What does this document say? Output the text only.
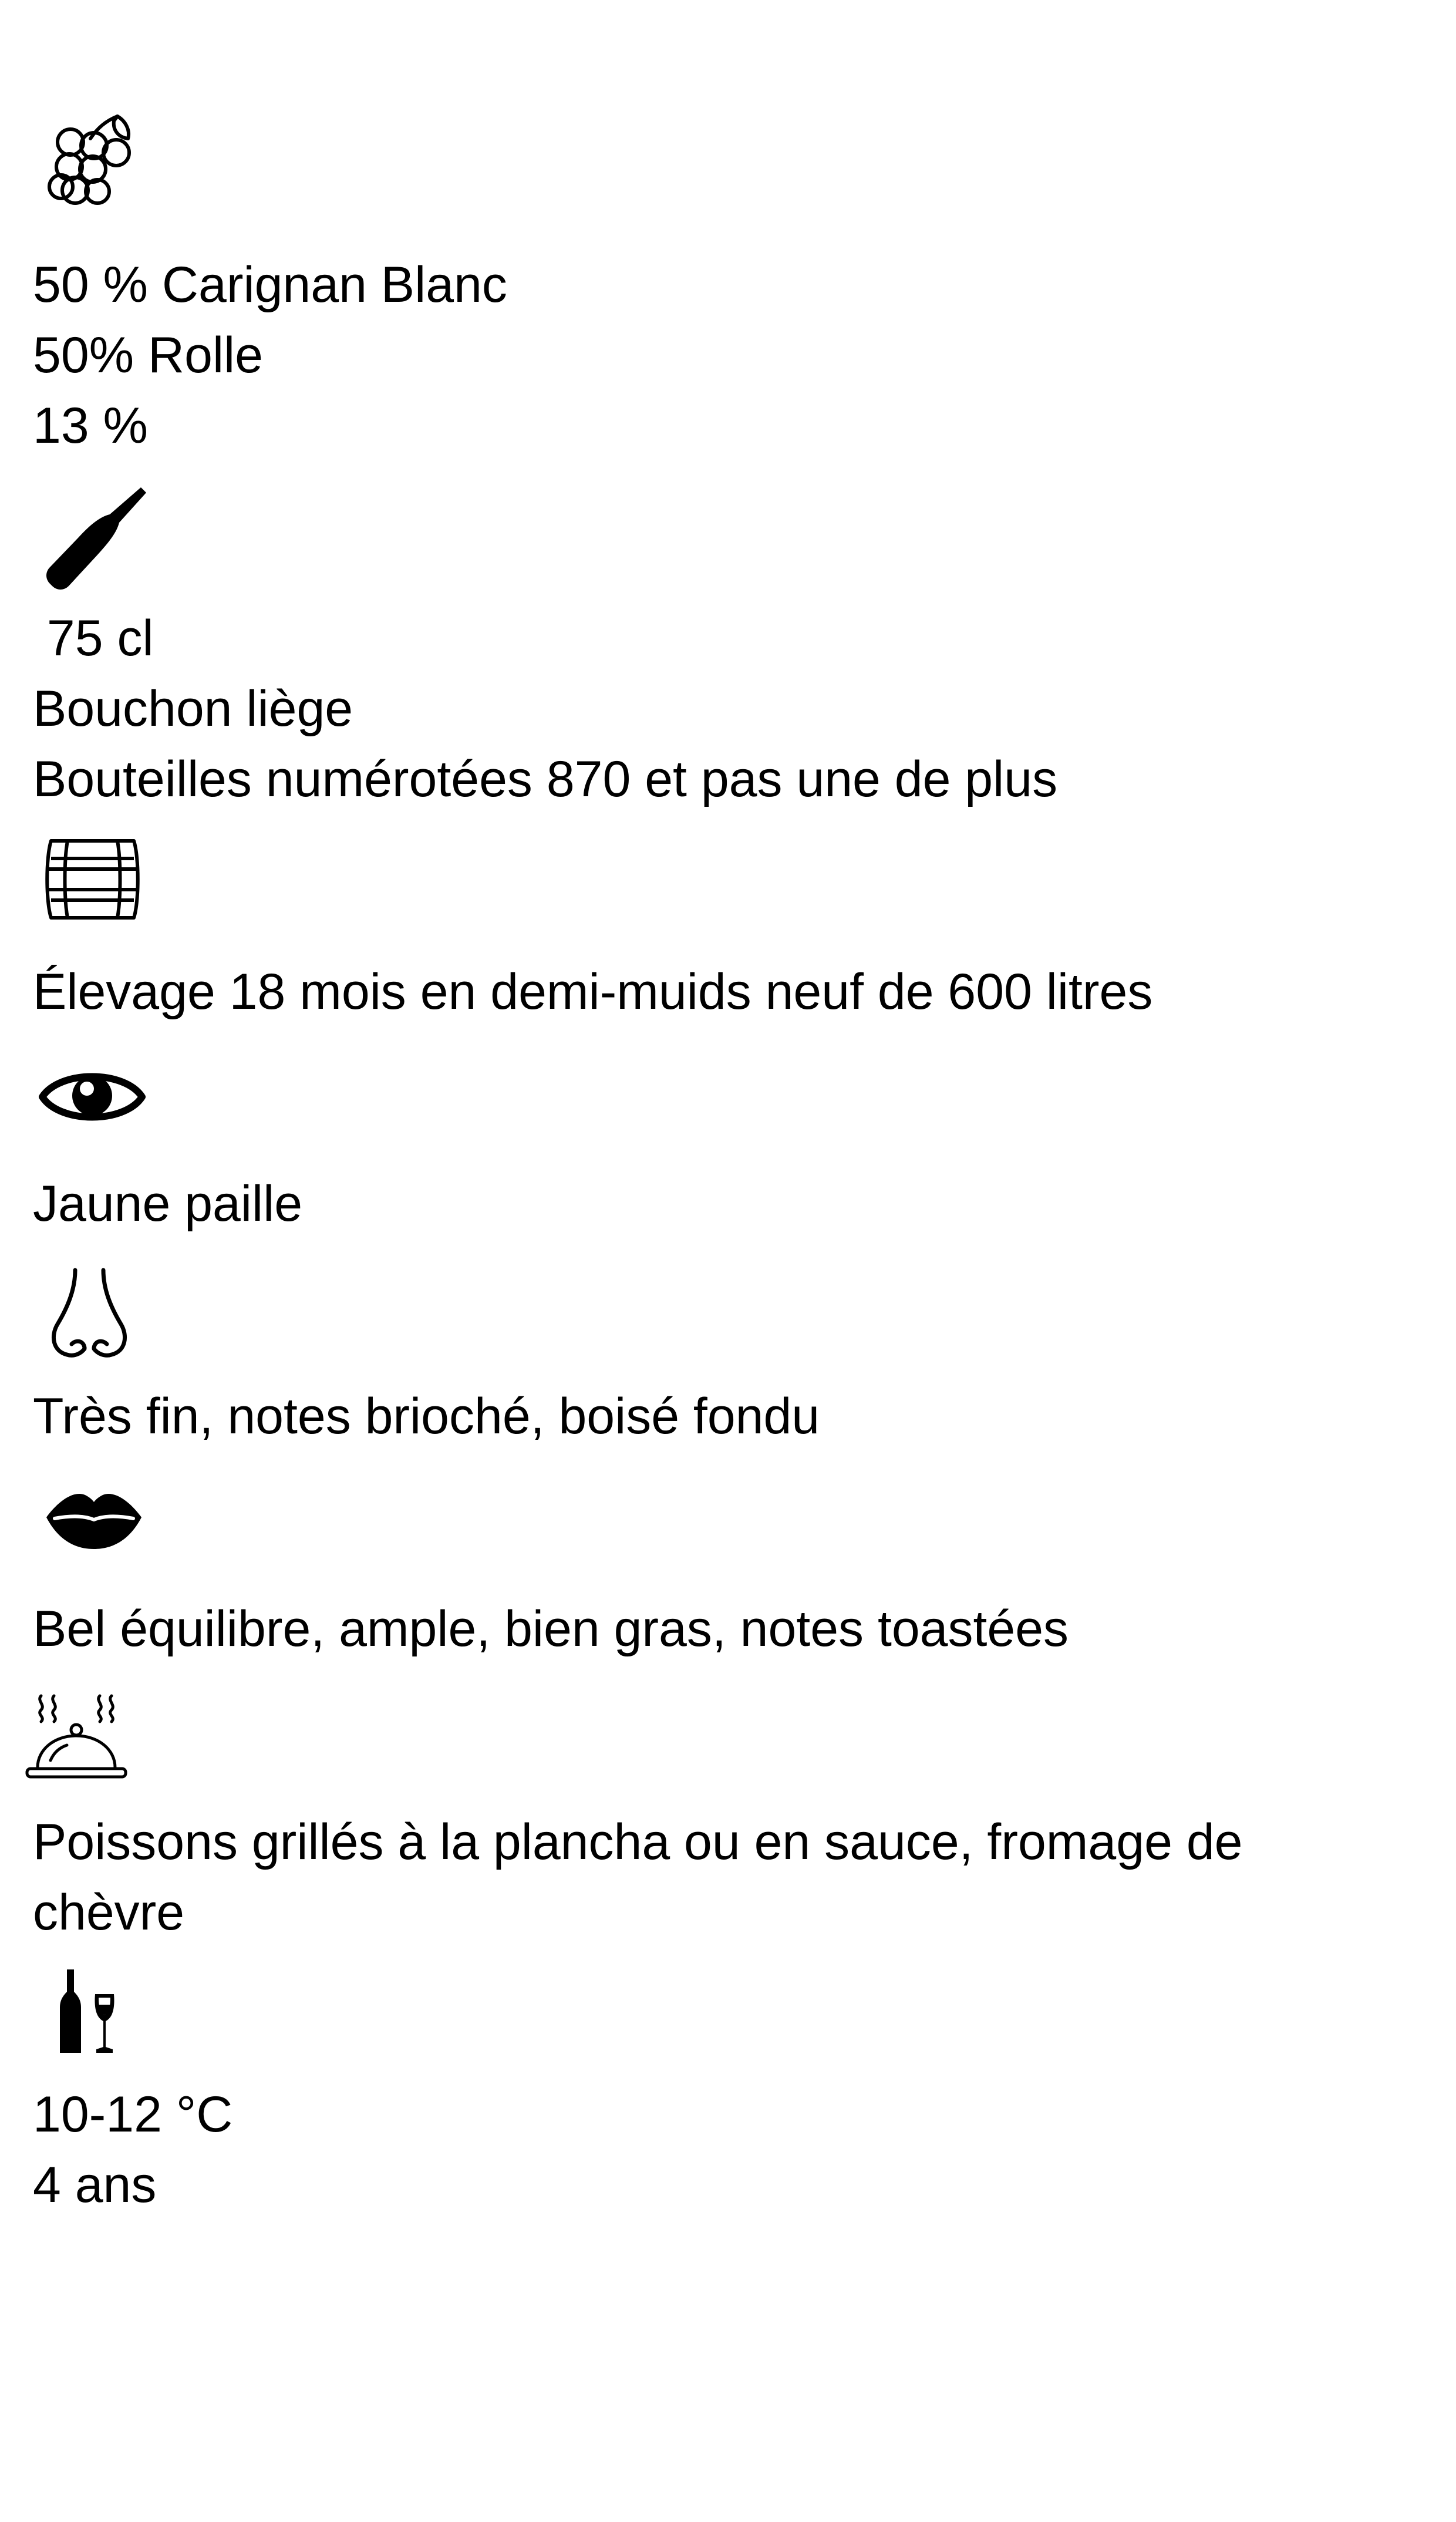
50 % Carignan Blanc

50% Rolle

13 %

75 cl

Bouchon liège

Bouteilles numérotées 870 et pas une de plus

Élevage 18 mois en demi-muids neuf de 600 litres

Jaune paille

Très fin, notes brioché, boisé fondu

Bel équilibre, ample, bien gras, notes toastées

Poissons grillés à la plancha ou en sauce, fromage de

chèvre

10-12 °C

4 ans
